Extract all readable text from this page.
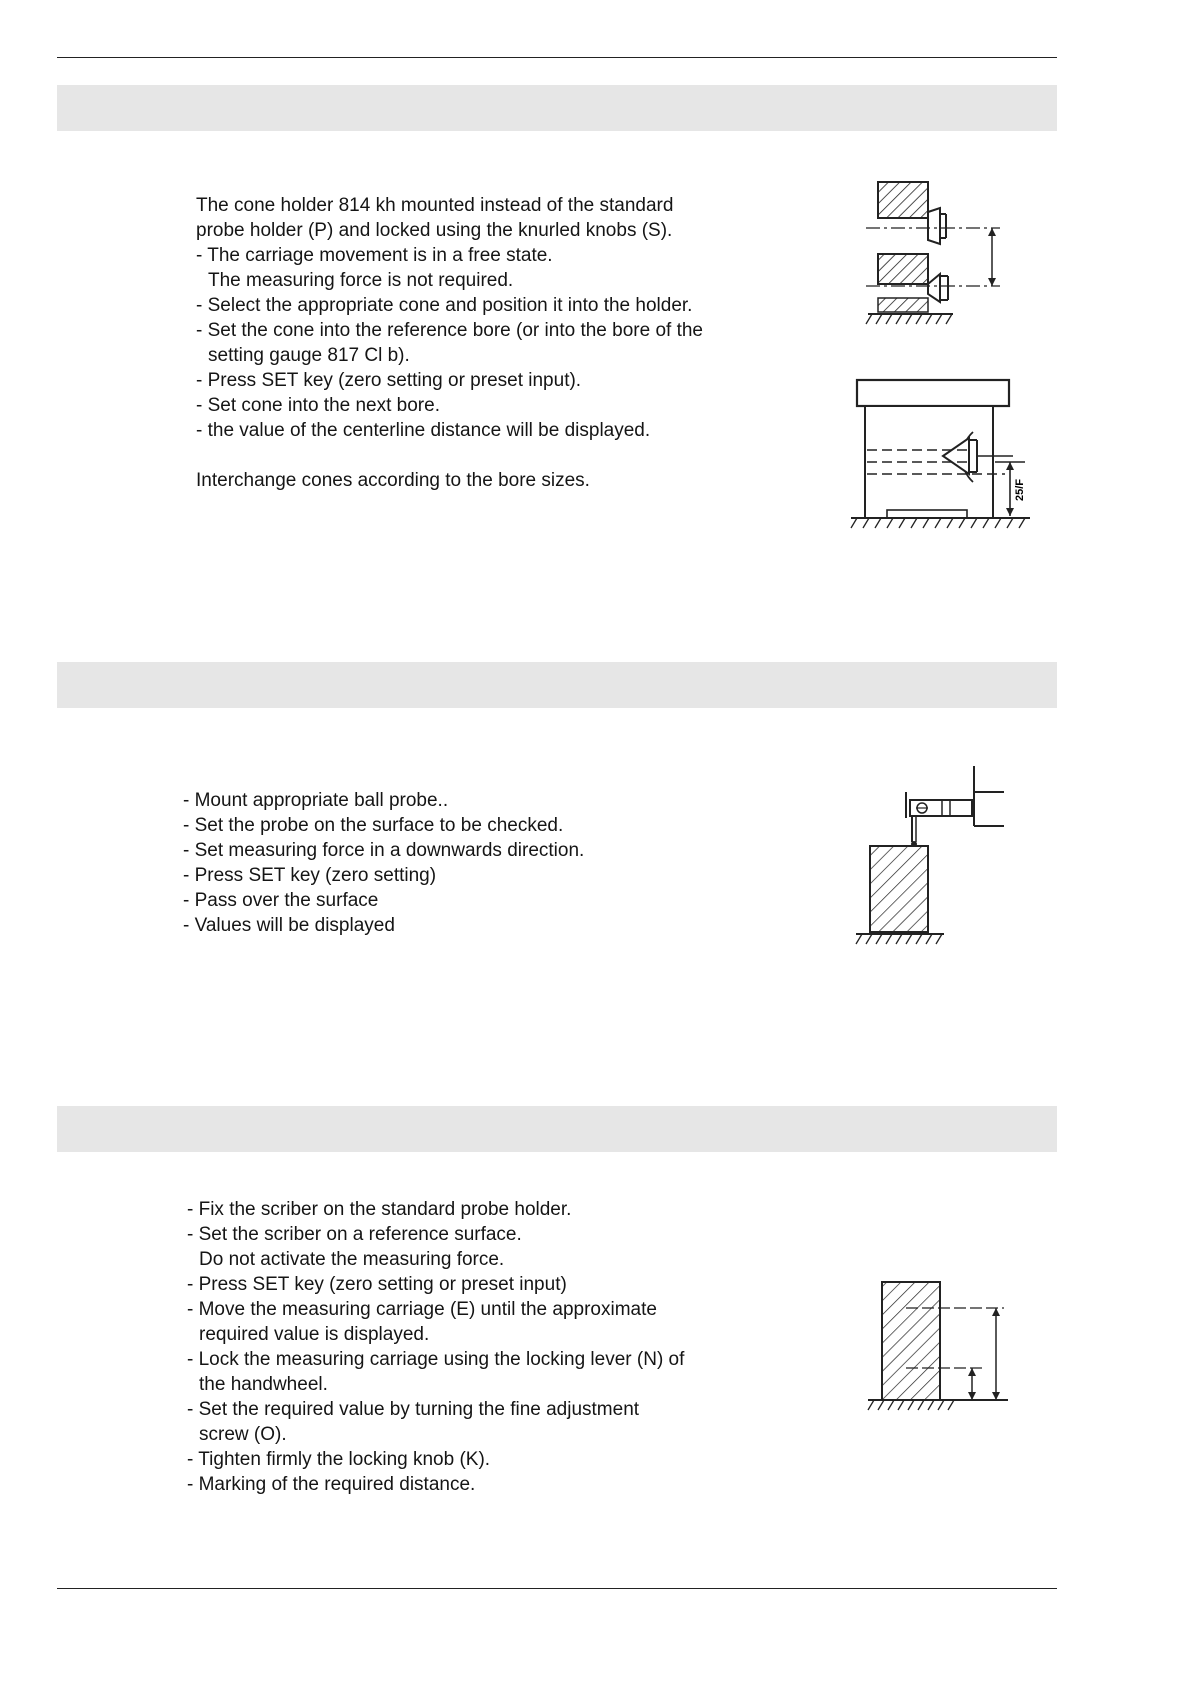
The cone holder 814 kh mounted instead of the standard

probe holder (P) and locked using the knurled knobs (S).

- The carriage movement is in a free state.

The measuring force is not required.

- Select the appropriate cone and position it into the holder.

- Set the cone into the reference bore (or into the bore of the

setting gauge 817 Cl b).

- Press SET key (zero setting or preset input).

- Set cone into the next bore.

- the value of the centerline distance will be displayed.

Interchange cones according to the bore sizes.	25/F

- Mount appropriate ball probe..

- Set the probe on the surface to be checked.

- Set measuring force in a downwards direction.

- Press SET key (zero setting)

- Pass over the surface

- Values will be displayed

- Fix the scriber on the standard probe holder.

- Set the scriber on a reference surface.

Do not activate the measuring force.

- Press SET key (zero setting or preset input)

- Move the measuring carriage (E) until the approximate

required value is displayed.

- Lock the measuring carriage using the locking lever (N) of

the handwheel.

- Set the required value by turning the fine adjustment

screw (O).

- Tighten firmly the locking knob (K).

- Marking of the required distance.
